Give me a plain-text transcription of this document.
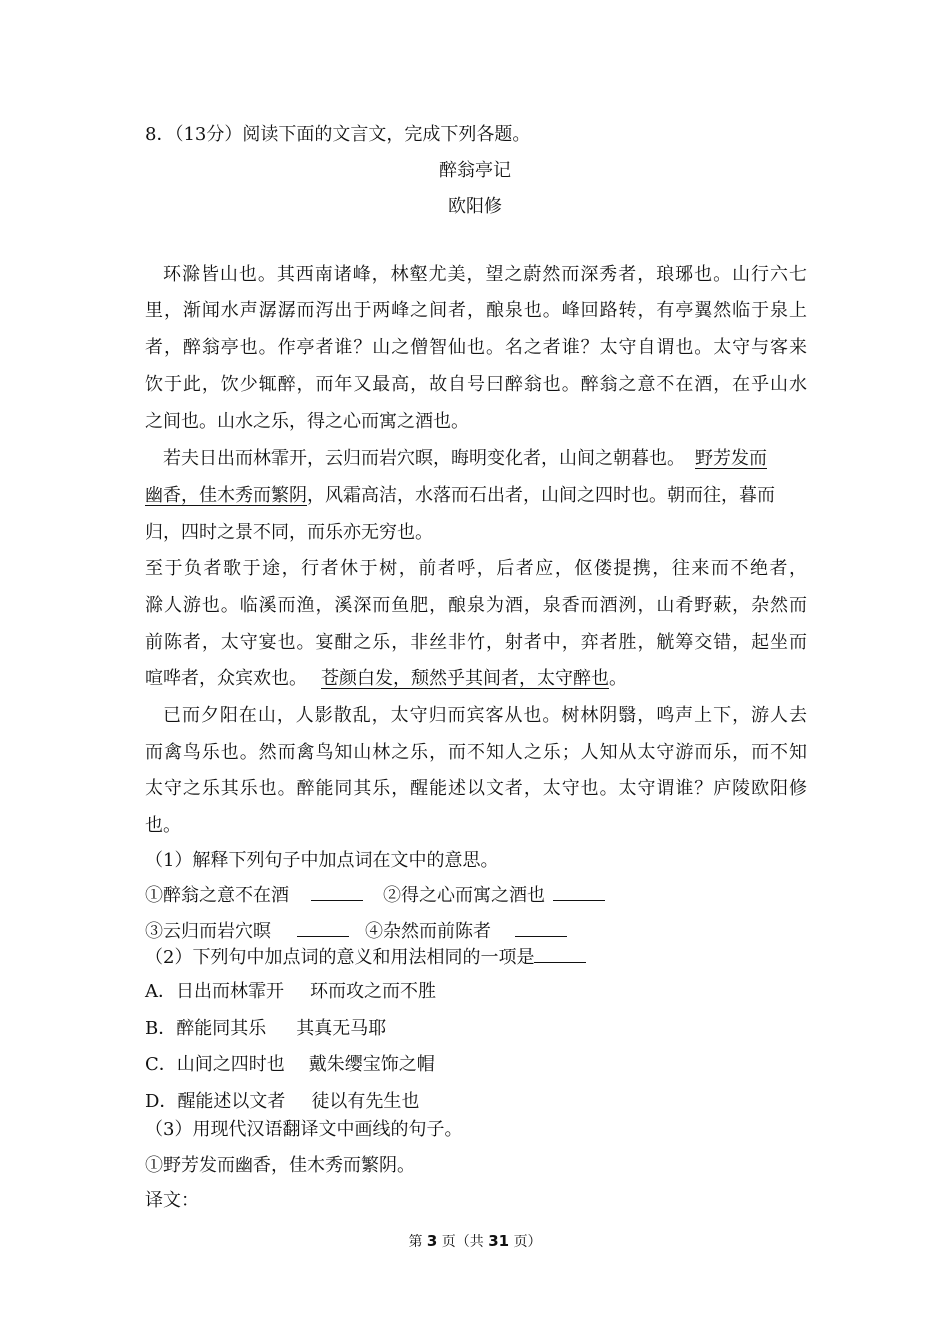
8．（13分）阅读下面的文言文，完成下列各题。
醉翁亭记
欧阳修
环滁皆山也。其西南诸峰，林壑尤美，望之蔚然而深秀者，琅琊也。山行六七
里，渐闻水声潺潺而泻出于两峰之间者，酿泉也。峰回路转，有亭翼然临于泉上
者，醉翁亭也。作亭者谁？山之僧智仙也。名之者谁？太守自谓也。太守与客来
饮于此，饮少辄醉，而年又最高，故自号曰醉翁也。醉翁之意不在酒，在乎山水
之间也。山水之乐，得之心而寓之酒也。
若夫日出而林霏开，云归而岩穴暝，晦明变化者，山间之朝暮也。 野芳发而
幽香，佳木秀而繁阴，风霜高洁，水落而石出者，山间之四时也。朝而往，暮而
归，四时之景不同，而乐亦无穷也。
至于负者歌于途，行者休于树，前者呼，后者应，伛偻提携，往来而不绝者，
滁人游也。临溪而渔，溪深而鱼肥，酿泉为酒，泉香而酒洌，山肴野蔌，杂然而
前陈者，太守宴也。宴酣之乐，非丝非竹，射者中，弈者胜，觥筹交错，起坐而
喧哗者，众宾欢也。 苍颜白发，颓然乎其间者，太守醉也。
已而夕阳在山，人影散乱，太守归而宾客从也。树林阴翳，鸣声上下，游人去
而禽鸟乐也。然而禽鸟知山林之乐，而不知人之乐；人知从太守游而乐，而不知
太守之乐其乐也。醉能同其乐，醒能述以文者，太守也。太守谓谁？庐陵欧阳修
也。
（1）解释下列句子中加点词在文中的意思。
①醉翁之意不在酒	②得之心而寓之酒也
③云归而岩穴暝	④杂然而前陈者
（2）下列句中加点词的意义和用法相同的一项是
A．日出而林霏开 环而攻之而不胜
B．醉能同其乐 其真无马耶
C．山间之四时也 戴朱缨宝饰之帽
D．醒能述以文者 徒以有先生也
（3）用现代汉语翻译文中画线的句子。
①野芳发而幽香，佳木秀而繁阴。
译文：
第 3 页（共 31 页）
